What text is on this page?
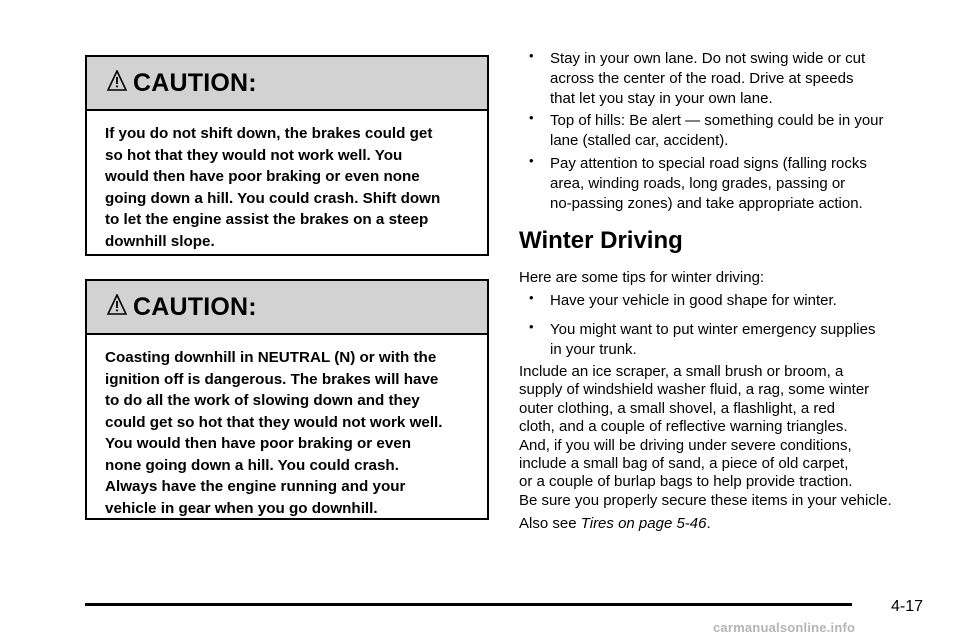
CAUTION:
If you do not shift down, the brakes could get
so hot that they would not work well. You
would then have poor braking or even none
going down a hill. You could crash. Shift down
to let the engine assist the brakes on a steep
downhill slope.
CAUTION:
Coasting downhill in NEUTRAL (N) or with the
ignition off is dangerous. The brakes will have
to do all the work of slowing down and they
could get so hot that they would not work well.
You would then have poor braking or even
none going down a hill. You could crash.
Always have the engine running and your
vehicle in gear when you go downhill.
• Stay in your own lane. Do not swing wide or cut
across the center of the road. Drive at speeds
that let you stay in your own lane.
• Top of hills: Be alert — something could be in your
lane (stalled car, accident).
• Pay attention to special road signs (falling rocks
area, winding roads, long grades, passing or
no-passing zones) and take appropriate action.
Winter Driving
Here are some tips for winter driving:
• Have your vehicle in good shape for winter.
• You might want to put winter emergency supplies
in your trunk.
Include an ice scraper, a small brush or broom, a
supply of windshield washer fluid, a rag, some winter
outer clothing, a small shovel, a flashlight, a red
cloth, and a couple of reflective warning triangles.
And, if you will be driving under severe conditions,
include a small bag of sand, a piece of old carpet,
or a couple of burlap bags to help provide traction.
Be sure you properly secure these items in your vehicle.
Also see Tires on page 5-46.
4-17
carmanualsonline.info
